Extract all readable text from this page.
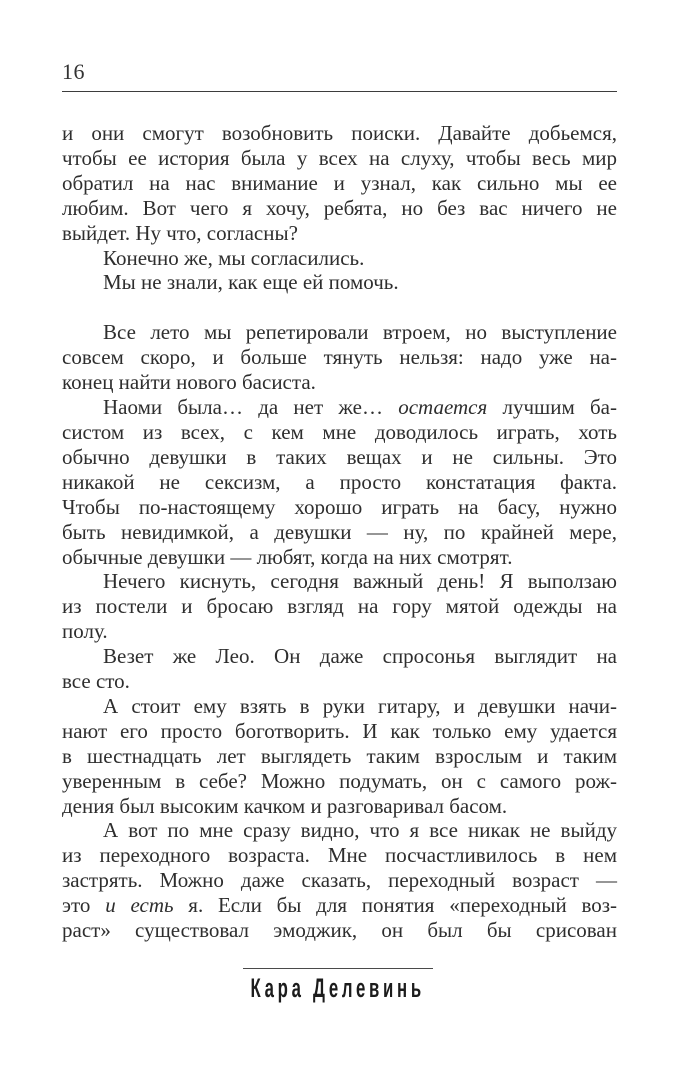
16
и они смогут возобновить поиски. Давайте добьемся,
чтобы ее история была у всех на слуху, чтобы весь мир
обратил на нас внимание и узнал, как сильно мы ее
любим. Вот чего я хочу, ребята, но без вас ничего не
выйдет. Ну что, согласны?
Конечно же, мы согласились.
Мы не знали, как еще ей помочь.
Все лето мы репетировали втроем, но выступление
совсем скоро, и больше тянуть нельзя: надо уже на-
конец найти нового басиста.
Наоми была… да нет же… остается лучшим ба-
систом из всех, с кем мне доводилось играть, хоть
обычно девушки в таких вещах и не сильны. Это
никакой не сексизм, а просто констатация факта.
Чтобы по-настоящему хорошо играть на басу, нужно
быть невидимкой, а девушки — ну, по крайней мере,
обычные девушки — любят, когда на них смотрят.
Нечего киснуть, сегодня важный день! Я выползаю
из постели и бросаю взгляд на гору мятой одежды на
полу.
Везет же Лео. Он даже спросонья выглядит на
все сто.
А стоит ему взять в руки гитару, и девушки начи-
нают его просто боготворить. И как только ему удается
в шестнадцать лет выглядеть таким взрослым и таким
уверенным в себе? Можно подумать, он с самого рож-
дения был высоким качком и разговаривал басом.
А вот по мне сразу видно, что я все никак не выйду
из переходного возраста. Мне посчастливилось в нем
застрять. Можно даже сказать, переходный возраст —
это и есть я. Если бы для понятия «переходный воз-
раст» существовал эмоджик, он был бы срисован
Кара Делевинь
